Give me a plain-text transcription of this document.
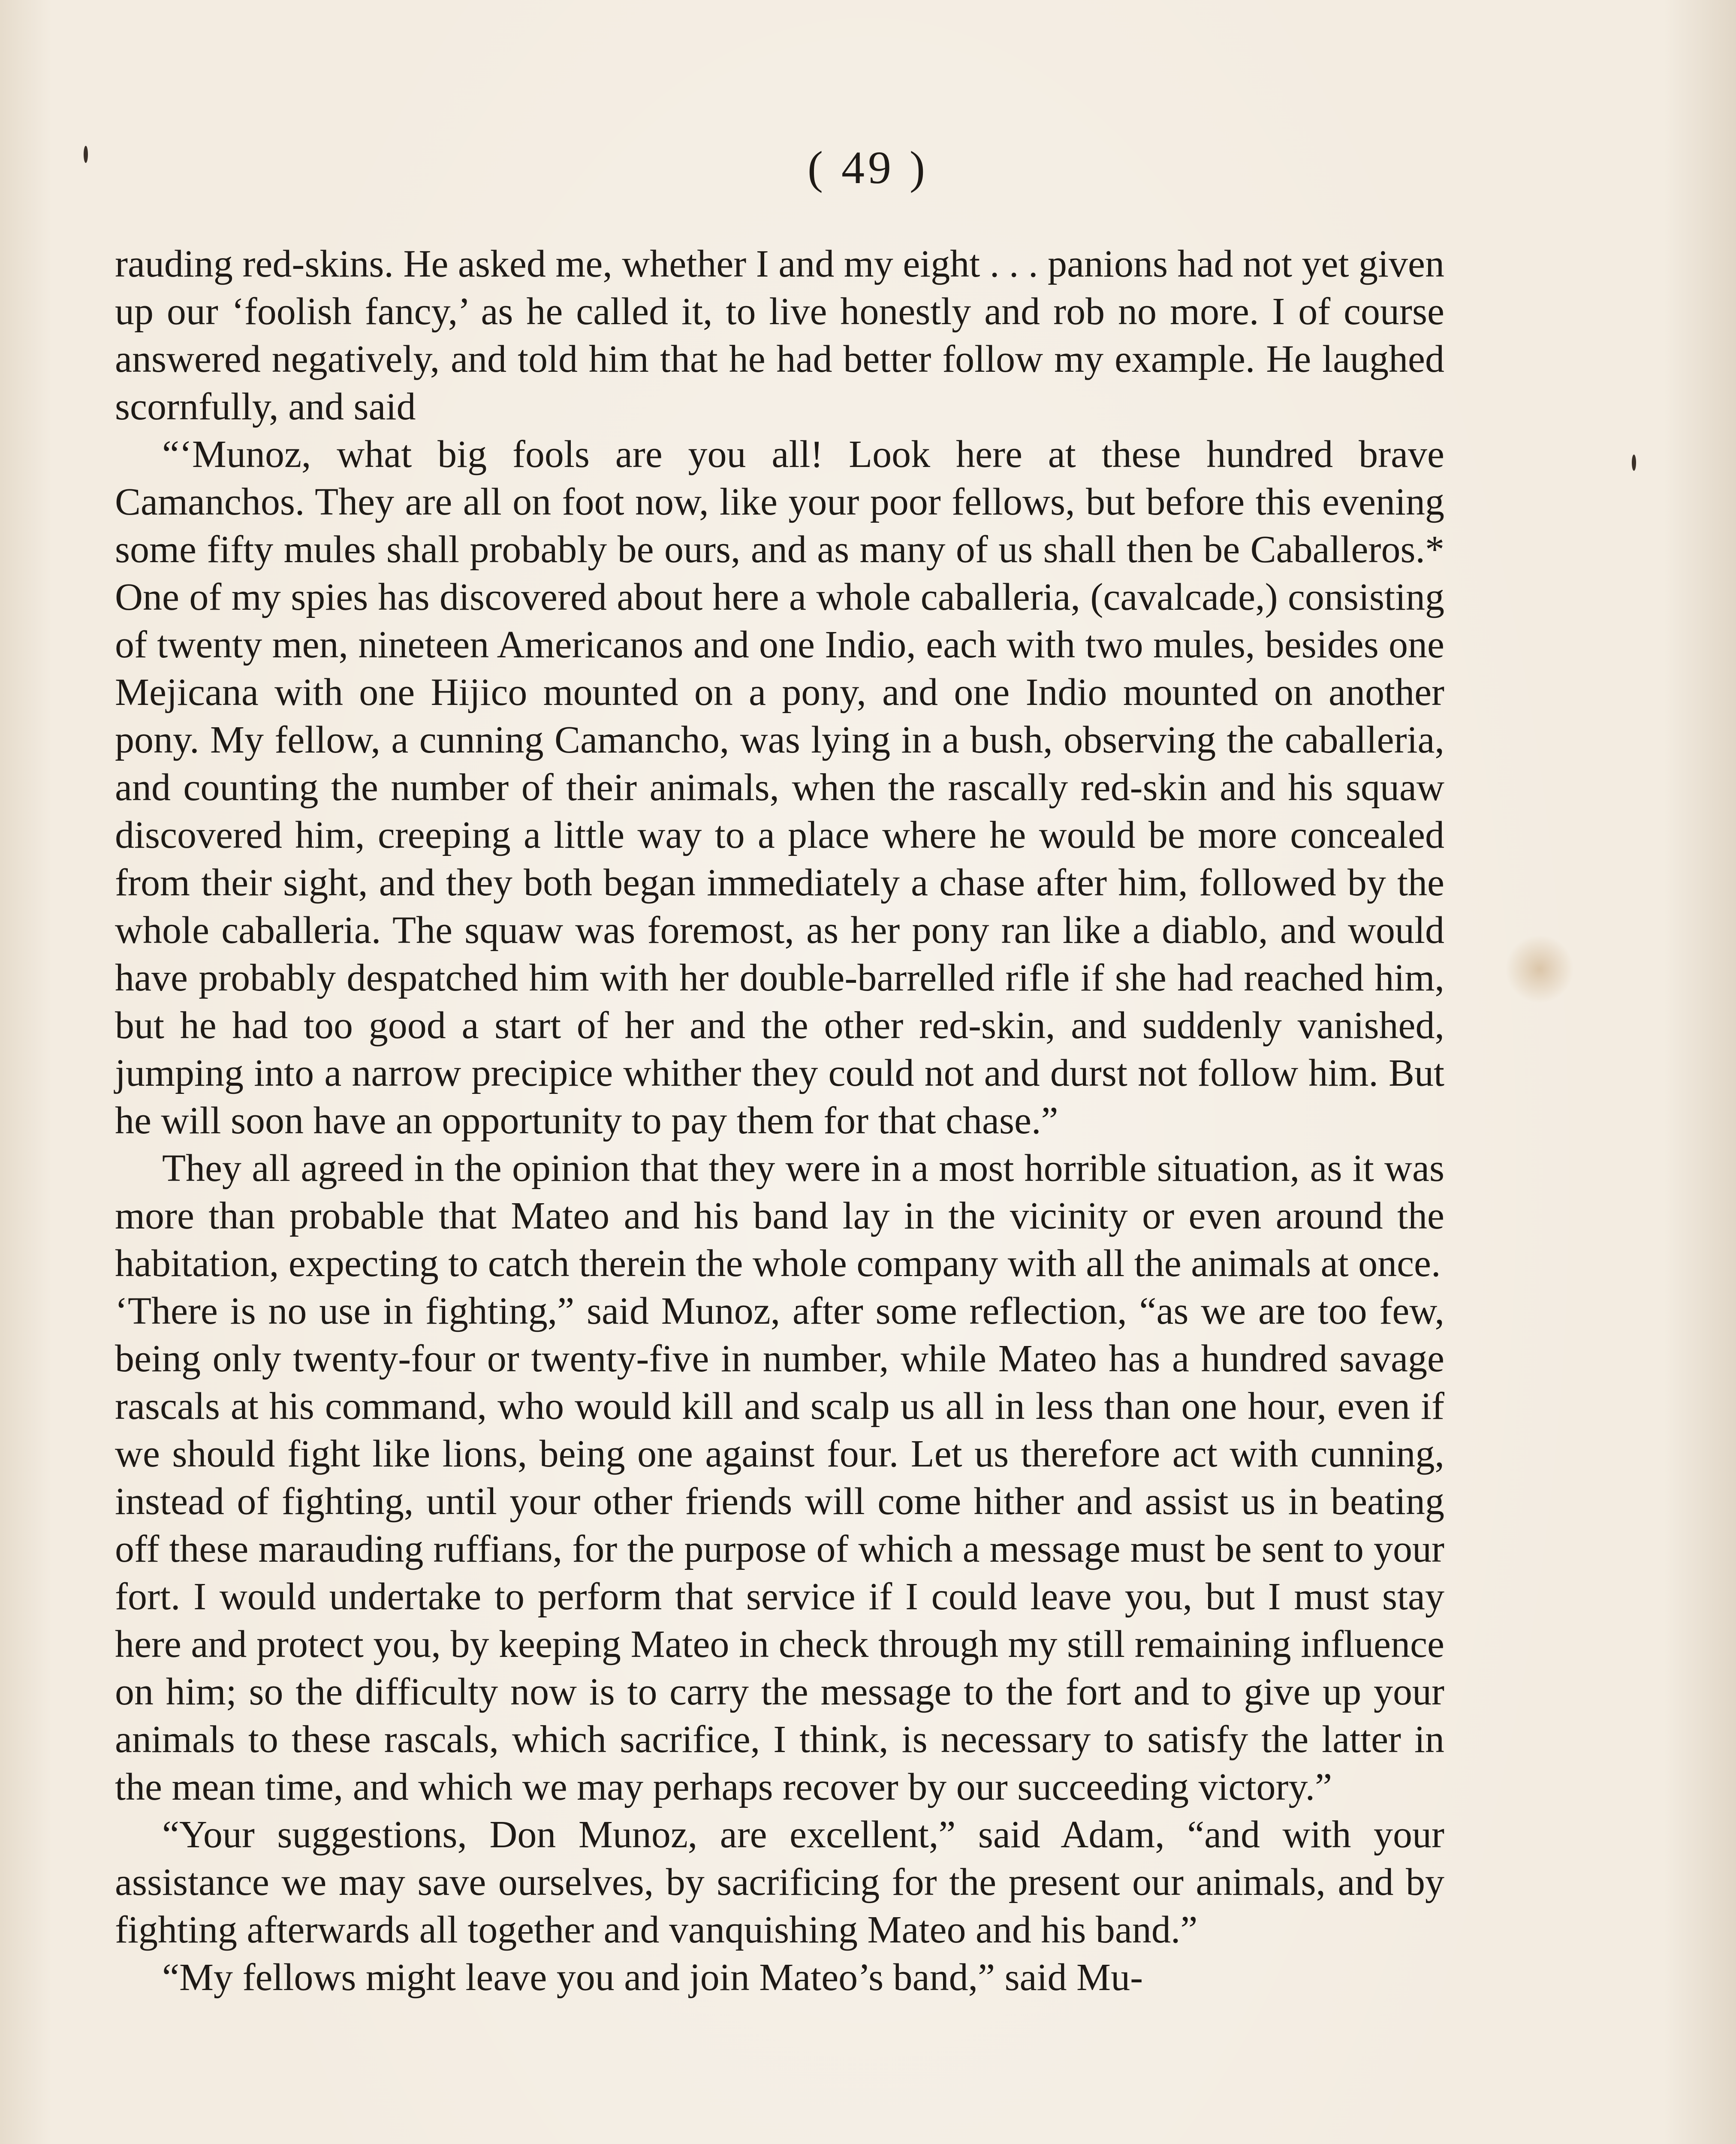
( 49 )

rauding red-skins. He asked me, whether I and my eight . . . panions had not yet given up our ‘foolish fancy,’ as he called it, to live honestly and rob no more. I of course answered negatively, and told him that he had better follow my example. He laughed scornfully, and said

“‘Munoz, what big fools are you all! Look here at these hundred brave Camanchos. They are all on foot now, like your poor fellows, but before this evening some fifty mules shall probably be ours, and as many of us shall then be Caballeros.* One of my spies has discovered about here a whole caballeria, (cavalcade,) consisting of twenty men, nineteen Americanos and one Indio, each with two mules, besides one Mejicana with one Hijico mounted on a pony, and one Indio mounted on another pony. My fellow, a cunning Camancho, was lying in a bush, observing the caballeria, and counting the number of their animals, when the rascally red-skin and his squaw discovered him, creeping a little way to a place where he would be more concealed from their sight, and they both began immediately a chase after him, followed by the whole caballeria. The squaw was foremost, as her pony ran like a diablo, and would have probably despatched him with her double-barrelled rifle if she had reached him, but he had too good a start of her and the other red-skin, and suddenly vanished, jumping into a narrow precipice whither they could not and durst not follow him. But he will soon have an opportunity to pay them for that chase.”

They all agreed in the opinion that they were in a most horrible situation, as it was more than probable that Mateo and his band lay in the vicinity or even around the habitation, expecting to catch therein the whole company with all the animals at once.

‘There is no use in fighting,” said Munoz, after some reflection, “as we are too few, being only twenty-four or twenty-five in number, while Mateo has a hundred savage rascals at his command, who would kill and scalp us all in less than one hour, even if we should fight like lions, being one against four. Let us therefore act with cunning, instead of fighting, until your other friends will come hither and assist us in beating off these marauding ruffians, for the purpose of which a message must be sent to your fort. I would undertake to perform that service if I could leave you, but I must stay here and protect you, by keeping Mateo in check through my still remaining influence on him; so the difficulty now is to carry the message to the fort and to give up your animals to these rascals, which sacrifice, I think, is necessary to satisfy the latter in the mean time, and which we may perhaps recover by our succeeding victory.”

“Your suggestions, Don Munoz, are excellent,” said Adam, “and with your assistance we may save ourselves, by sacrificing for the present our animals, and by fighting afterwards all together and vanquishing Mateo and his band.”

“My fellows might leave you and join Mateo’s band,” said Mu-
